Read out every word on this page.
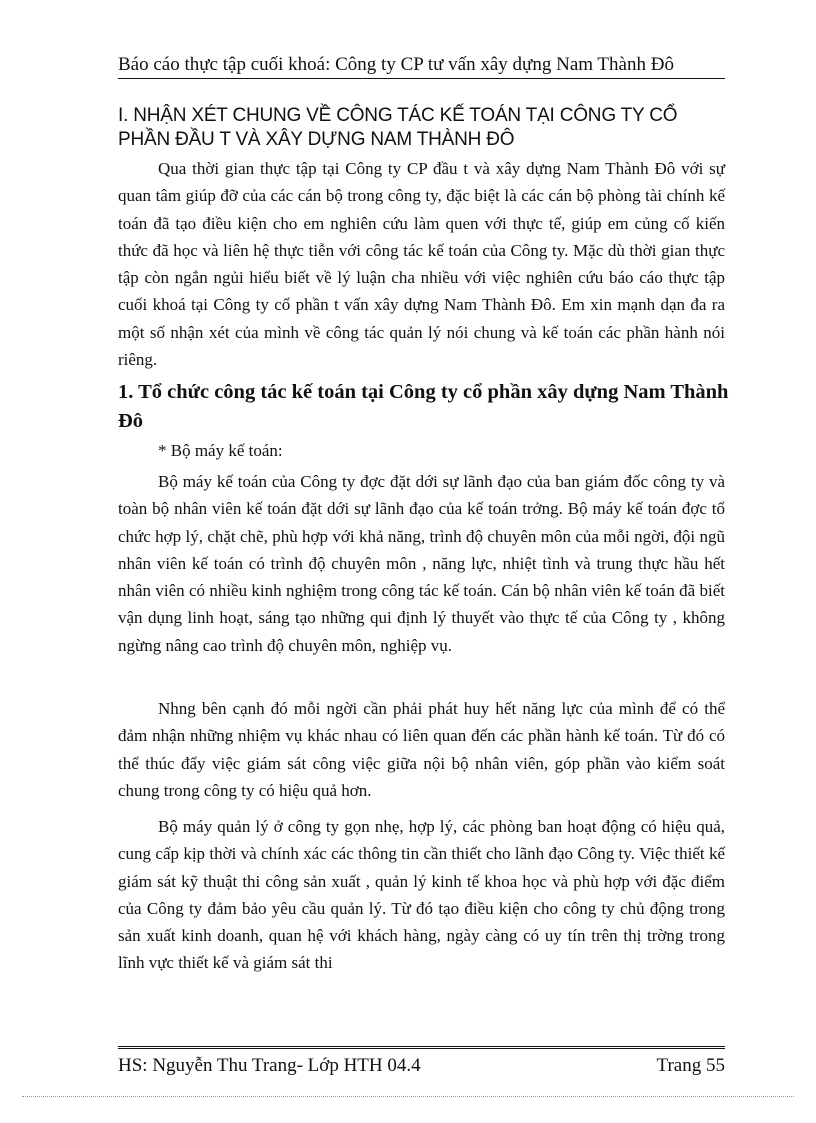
Báo cáo thực tập cuối khoá: Công ty CP tư vấn xây dựng Nam Thành Đô
I. NHẬN XÉT CHUNG VỀ CÔNG TÁC KẾ TOÁN TẠI CÔNG TY CỔ
PHẦN ĐẦU T VÀ XÂY DỰNG NAM THÀNH ĐÔ

Qua thời gian thực tập tại Công ty CP đầu t và xây dựng Nam Thành Đô với sự quan tâm giúp đỡ của các cán bộ trong công ty, đặc biệt là các cán bộ phòng tài chính kế toán đã tạo điều kiện cho em nghiên cứu làm quen với thực tế, giúp em củng cố kiến thức đã học và liên hệ thực tiễn với công tác kế toán của Công ty. Mặc dù thời gian thực tập còn ngắn ngủi hiểu biết về lý luận cha nhiều với việc nghiên cứu báo cáo thực tập cuối khoá tại Công ty cổ phần t vấn xây dựng Nam Thành Đô. Em xin mạnh dạn đa ra một số nhận xét của mình về công tác quản lý nói chung và kế toán các phần hành nói riêng.

1. Tổ chức công tác kế toán tại Công ty cổ phần xây dựng Nam Thành Đô
* Bộ máy kế toán:

Bộ máy kế toán của Công ty đợc đặt dới sự lãnh đạo của ban giám đốc công ty và toàn bộ nhân viên kế toán đặt dới sự lãnh đạo của kế toán trởng. Bộ máy kế toán đợc tổ chức hợp lý, chặt chẽ, phù hợp với khả năng, trình độ chuyên môn của mỗi ngời, đội ngũ nhân viên kế toán có trình độ chuyên môn , năng lực, nhiệt tình và trung thực hầu hết nhân viên có nhiều kinh nghiệm trong công tác kế toán. Cán bộ nhân viên kế toán đã biết vận dụng linh hoạt, sáng tạo những qui định lý thuyết vào thực tế của Công ty , không ngừng nâng cao trình độ chuyên môn, nghiệp vụ.

Nhng bên cạnh đó mỗi ngời cần phải phát huy hết năng lực của mình để có thể đảm nhận những nhiệm vụ khác nhau có liên quan đến các phần hành kế toán. Từ đó có thể thúc đẩy việc giám sát công việc giữa nội bộ nhân viên, góp phần vào kiểm soát chung trong công ty có hiệu quả hơn.

Bộ máy quản lý ở công ty gọn nhẹ, hợp lý, các phòng ban hoạt động có hiệu quả, cung cấp kịp thời và chính xác các thông tin cần thiết cho lãnh đạo Công ty. Việc thiết kế giám sát kỹ thuật thi công sản xuất , quản lý kinh tế khoa học và phù hợp với đặc điểm của Công ty đảm bảo yêu cầu quản lý. Từ đó tạo điều kiện cho công ty chủ động trong sản xuất kinh doanh, quan hệ với khách hàng, ngày càng có uy tín trên thị trờng trong lĩnh vực thiết kế và giám sát thi

HS: Nguyễn Thu Trang- Lớp HTH 04.4	Trang 55
